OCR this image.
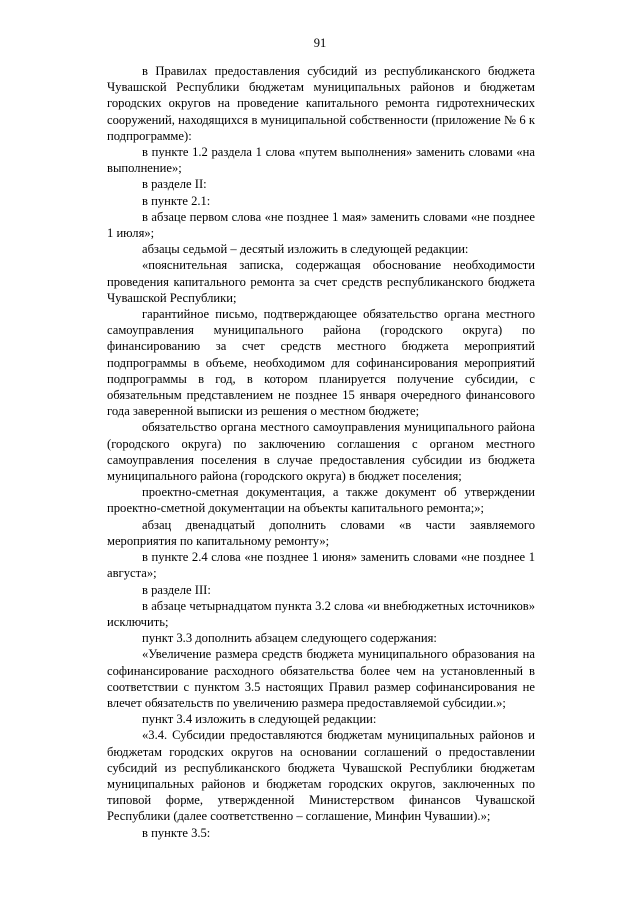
91

в Правилах предоставления субсидий из республиканского бюджета Чувашской Республики бюджетам муниципальных районов и бюджетам городских округов на проведение капитального ремонта гидротехнических сооружений, находящихся в муниципальной собственности (приложение № 6 к подпрограмме):

в пункте 1.2 раздела 1 слова «путем выполнения» заменить словами «на выполнение»;

в разделе II:

в пункте 2.1:

в абзаце первом слова «не позднее 1 мая» заменить словами «не позднее 1 июля»;

абзацы седьмой – десятый изложить в следующей редакции:

«пояснительная записка, содержащая обоснование необходимости проведения капитального ремонта за счет средств республиканского бюджета Чувашской Республики;

гарантийное письмо, подтверждающее обязательство органа местного самоуправления муниципального района (городского округа) по финансированию за счет средств местного бюджета мероприятий подпрограммы в объеме, необходимом для софинансирования мероприятий подпрограммы в год, в котором планируется получение субсидии, с обязательным представлением не позднее 15 января очередного финансового года заверенной выписки из решения о местном бюджете;

обязательство органа местного самоуправления муниципального района (городского округа) по заключению соглашения с органом местного самоуправления поселения в случае предоставления субсидии из бюджета муниципального района (городского округа) в бюджет поселения;

проектно-сметная документация, а также документ об утверждении проектно-сметной документации на объекты капитального ремонта;»;

абзац двенадцатый дополнить словами «в части заявляемого мероприятия по капитальному ремонту»;

в пункте 2.4 слова «не позднее 1 июня» заменить словами «не позднее 1 августа»;

в разделе III:

в абзаце четырнадцатом пункта 3.2 слова «и внебюджетных источников» исключить;

пункт 3.3 дополнить абзацем следующего содержания:

«Увеличение размера средств бюджета муниципального образования на софинансирование расходного обязательства более чем на установленный в соответствии с пунктом 3.5 настоящих Правил размер софинансирования не влечет обязательств по увеличению размера предоставляемой субсидии.»;

пункт 3.4 изложить в следующей редакции:

«3.4. Субсидии предоставляются бюджетам муниципальных районов и бюджетам городских округов на основании соглашений о предоставлении субсидий из республиканского бюджета Чувашской Республики бюджетам муниципальных районов и бюджетам городских округов, заключенных по типовой форме, утвержденной Министерством финансов Чувашской Республики (далее соответственно – соглашение, Минфин Чувашии).»;

в пункте 3.5:
